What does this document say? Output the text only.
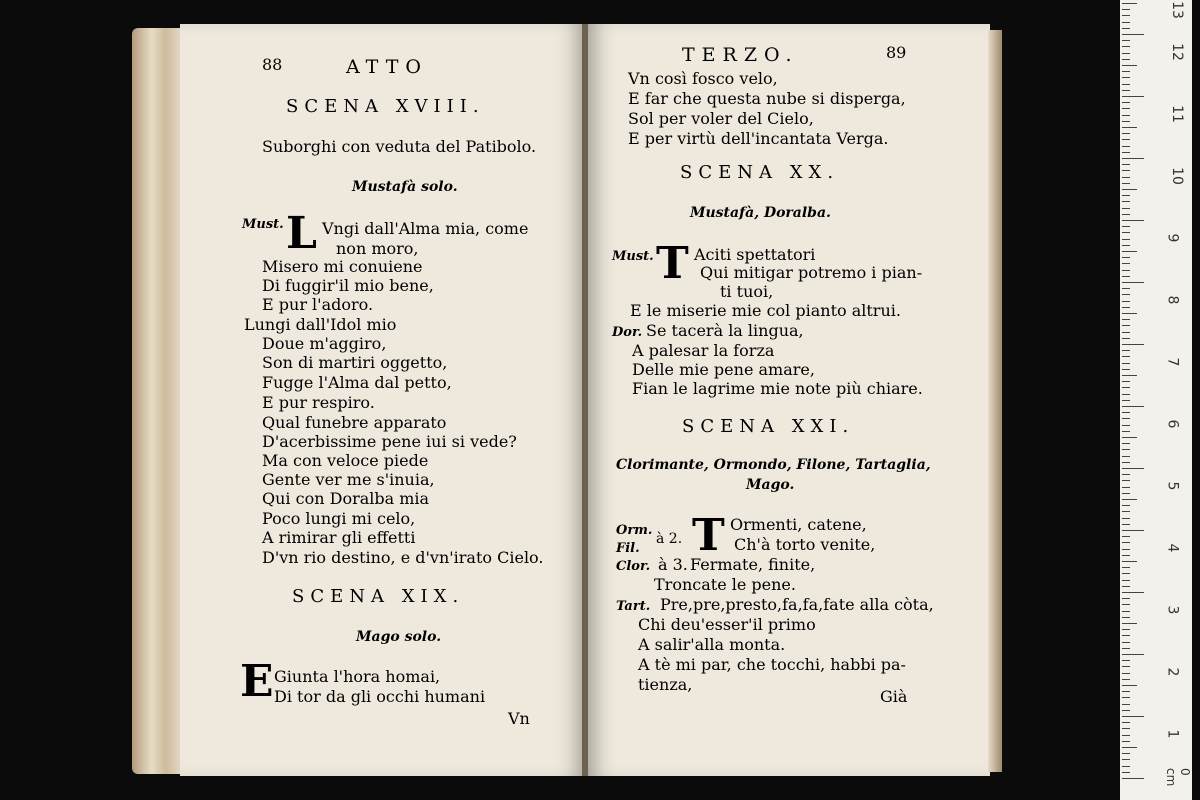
88	ATTO
SCENA XVIII.
Suborghi con veduta del Patibolo.
Mustafà solo.
Must. L Vngi dall'Alma mia, come
non moro,
Misero mi conuiene
Di fuggir'il mio bene,
E pur l'adoro.
Lungi dall'Idol mio
Doue m'aggiro,
Son di martiri oggetto,
Fugge l'Alma dal petto,
E pur respiro.
Qual funebre apparato
D'acerbissime pene iui si vede?
Ma con veloce piede
Gente ver me s'inuia,
Qui con Doralba mia
Poco lungi mi celo,
A rimirar gli effetti
D'vn rio destino, e d'vn'irato Cielo.
SCENA XIX.
Mago solo.
E Giunta l'hora homai,
Di tor da gli occhi humani
Vn
TERZO.	89
Vn così fosco velo,
E far che questa nube si disperga,
Sol per voler del Cielo,
E per virtù dell'incantata Verga.
SCENA XX.
Mustafà, Doralba.
Must. T Aciti spettatori
Qui mitigar potremo i pian-
ti tuoi,
E le miserie mie col pianto altrui.
Dor. Se tacerà la lingua,
A palesar la forza
Delle mie pene amare,
Fian le lagrime mie note più chiare.
SCENA XXI.
Clorimante, Ormondo, Filone, Tartaglia,
Mago.
Orm.
Fil.
à 2. T Ormenti, catene,
Ch'à torto venite,
Clor. à 3. Fermate, finite,
Troncate le pene.
Tart. Pre,pre,presto,fa,fa,fate alla còta,
Chi deu'esser'il primo
A salir'alla monta.
A tè mi par, che tocchi, habbi pa-
tienza,
Già
1
2
3
4
5
6
7
8
9
10
11
12
13
0 cm
